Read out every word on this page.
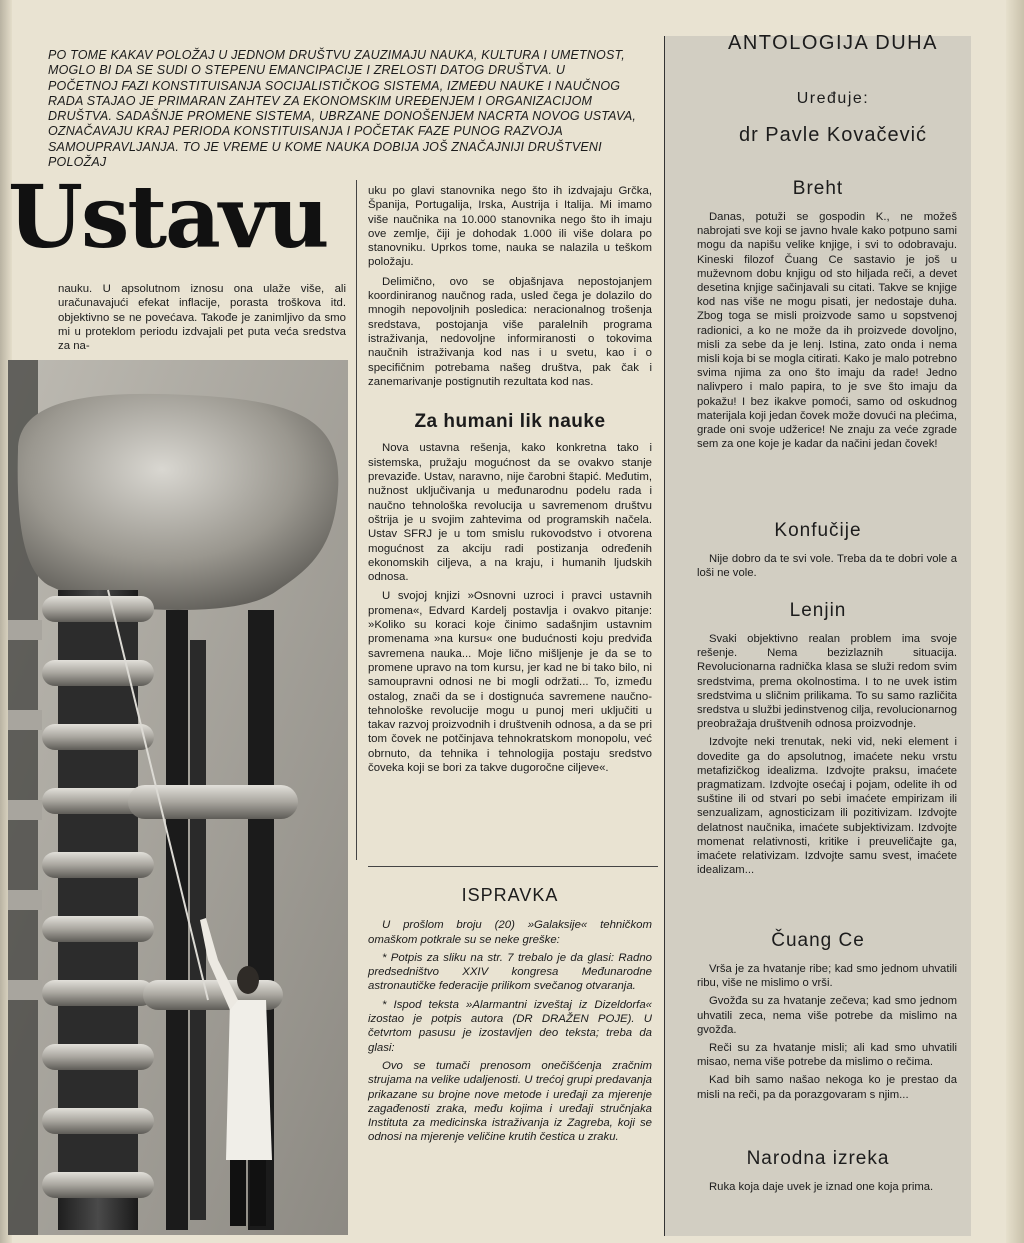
PO TOME KAKAV POLOŽAJ U JEDNOM DRUŠTVU ZAUZIMAJU NAUKA, KULTURA I UMETNOST, MOGLO BI DA SE SUDI O STEPENU EMANCIPACIJE I ZRELOSTI DATOG DRUŠTVA. U POČETNOJ FAZI KONSTITUISANJA SOCIJALISTIČKOG SISTEMA, IZMEĐU NAUKE I NAUČNOG RADA STAJAO JE PRIMARAN ZAHTEV ZA EKONOMSKIM UREĐENJEM I ORGANIZACIJOM DRUŠTVA. SADAŠNJE PROMENE SISTEMA, UBRZANE DONOŠENJEM NACRTA NOVOG USTAVA, OZNAČAVAJU KRAJ PERIODA KONSTITUISANJA I POČETAK FAZE PUNOG RAZVOJA SAMOUPRAVLJANJA. TO JE VREME U KOME NAUKA DOBIJA JOŠ ZNAČAJNIJI DRUŠTVENI POLOŽAJ

Ustavu

nauku. U apsolutnom iznosu ona ulaže više, ali uračunavajući efekat inflacije, porasta troškova itd. objektivno se ne povećava. Takođe je zanimljivo da smo mi u proteklom periodu izdvajali pet puta veća sredstva za na-

uku po glavi stanovnika nego što ih izdvajaju Grčka, Španija, Portugalija, Irska, Austrija i Italija. Mi imamo više naučnika na 10.000 stanovnika nego što ih imaju ove zemlje, čiji je dohodak 1.000 ili više dolara po stanovniku. Uprkos tome, nauka se nalazila u teškom položaju.

Delimično, ovo se objašnjava nepostojanjem koordiniranog naučnog rada, usled čega je dolazilo do mnogih nepovoljnih posledica: neracionalnog trošenja sredstava, postojanja više paralelnih programa istraživanja, nedovoljne informiranosti o tokovima naučnih istraživanja kod nas i u svetu, kao i o specifičnim potrebama našeg društva, pak čak i zanemarivanje postignutih rezultata kod nas.

Za humani lik nauke

Nova ustavna rešenja, kako konkretna tako i sistemska, pružaju mogućnost da se ovakvo stanje prevaziđe. Ustav, naravno, nije čarobni štapić. Međutim, nužnost uključivanja u međunarodnu podelu rada i naučno tehnološka revolucija u savremenom društvu oštrija je u svojim zahtevima od programskih načela. Ustav SFRJ je u tom smislu rukovodstvo i otvorena mogućnost za akciju radi postizanja određenih ekonomskih ciljeva, a na kraju, i humanih ljudskih odnosa.

U svojoj knjizi »Osnovni uzroci i pravci ustavnih promena«, Edvard Kardelj postavlja i ovakvo pitanje: »Koliko su koraci koje činimo sadašnjim ustavnim promenama »na kursu« one budućnosti koju predviđa savremena nauka... Moje lično mišljenje je da se to promene upravo na tom kursu, jer kad ne bi tako bilo, ni samoupravni odnosi ne bi mogli održati... To, između ostalog, znači da se i dostignuća savremene naučno-tehnološke revolucije mogu u punoj meri uključiti u takav razvoj proizvodnih i društvenih odnosa, a da se pri tom čovek ne potčinjava tehnokratskom monopolu, već obrnuto, da tehnika i tehnologija postaju sredstvo čoveka koji se bori za takve dugoročne ciljeve«.

ISPRAVKA

U prošlom broju (20) »Galaksije« tehničkom omaškom potkrale su se neke greške:

* Potpis za sliku na str. 7 trebalo je da glasi: Radno predsedništvo XXIV kongresa Međunarodne astronautičke federacije prilikom svečanog otvaranja.

* Ispod teksta »Alarmantni izveštaj iz Dizeldorfa« izostao je potpis autora (DR DRAŽEN POJE). U četvrtom pasusu je izostavljen deo teksta; treba da glasi:

Ovo se tumači prenosom onečišćenja zračnim strujama na velike udaljenosti. U trećoj grupi predavanja prikazane su brojne nove metode i uređaji za mjerenje zagađenosti zraka, među kojima i uređaji stručnjaka Instituta za medicinska istraživanja iz Zagreba, koji se odnosi na mjerenje veličine krutih čestica u zraku.

ANTOLOGIJA DUHA

Uređuje:

dr Pavle Kovačević

Breht

Danas, potuži se gospodin K., ne možeš nabrojati sve koji se javno hvale kako potpuno sami mogu da napišu velike knjige, i svi to odobravaju. Kineski filozof Čuang Ce sastavio je još u muževnom dobu knjigu od sto hiljada reči, a devet desetina knjige sačinjavali su citati. Takve se knjige kod nas više ne mogu pisati, jer nedostaje duha. Zbog toga se misli proizvode samo u sopstvenoj radionici, a ko ne može da ih proizvede dovoljno, misli za sebe da je lenj. Istina, zato onda i nema misli koja bi se mogla citirati. Kako je malo potrebno svima njima za ono što imaju da rade! Jedno nalivpero i malo papira, to je sve što imaju da pokažu! I bez ikakve pomoći, samo od oskudnog materijala koji jedan čovek može dovući na plećima, grade oni svoje udžerice! Ne znaju za veće zgrade sem za one koje je kadar da načini jedan čovek!

Konfučije

Nije dobro da te svi vole. Treba da te dobri vole a loši ne vole.

Lenjin

Svaki objektivno realan problem ima svoje rešenje. Nema bezizlaznih situacija. Revolucionarna radnička klasa se služi redom svim sredstvima, prema okolnostima. I to ne uvek istim sredstvima u sličnim prilikama. To su samo različita sredstva u službi jedinstvenog cilja, revolucionarnog preobražaja društvenih odnosa proizvodnje.

Izdvojte neki trenutak, neki vid, neki element i dovedite ga do apsolutnog, imaćete neku vrstu metafizičkog idealizma. Izdvojte praksu, imaćete pragmatizam. Izdvojte osećaj i pojam, odelite ih od suštine ili od stvari po sebi imaćete empirizam ili senzualizam, agnosticizam ili pozitivizam. Izdvojte delatnost naučnika, imaćete subjektivizam. Izdvojte momenat relativnosti, kritike i preuveličajte ga, imaćete relativizam. Izdvojte samu svest, imaćete idealizam...

Čuang Ce

Vrša je za hvatanje ribe; kad smo jednom uhvatili ribu, više ne mislimo o vrši.

Gvožđa su za hvatanje zečeva; kad smo jednom uhvatili zeca, nema više potrebe da mislimo na gvožđa.

Reči su za hvatanje misli; ali kad smo uhvatili misao, nema više potrebe da mislimo o rečima.

Kad bih samo našao nekoga ko je prestao da misli na reči, pa da porazgovaram s njim...

Narodna izreka

Ruka koja daje uvek je iznad one koja prima.
